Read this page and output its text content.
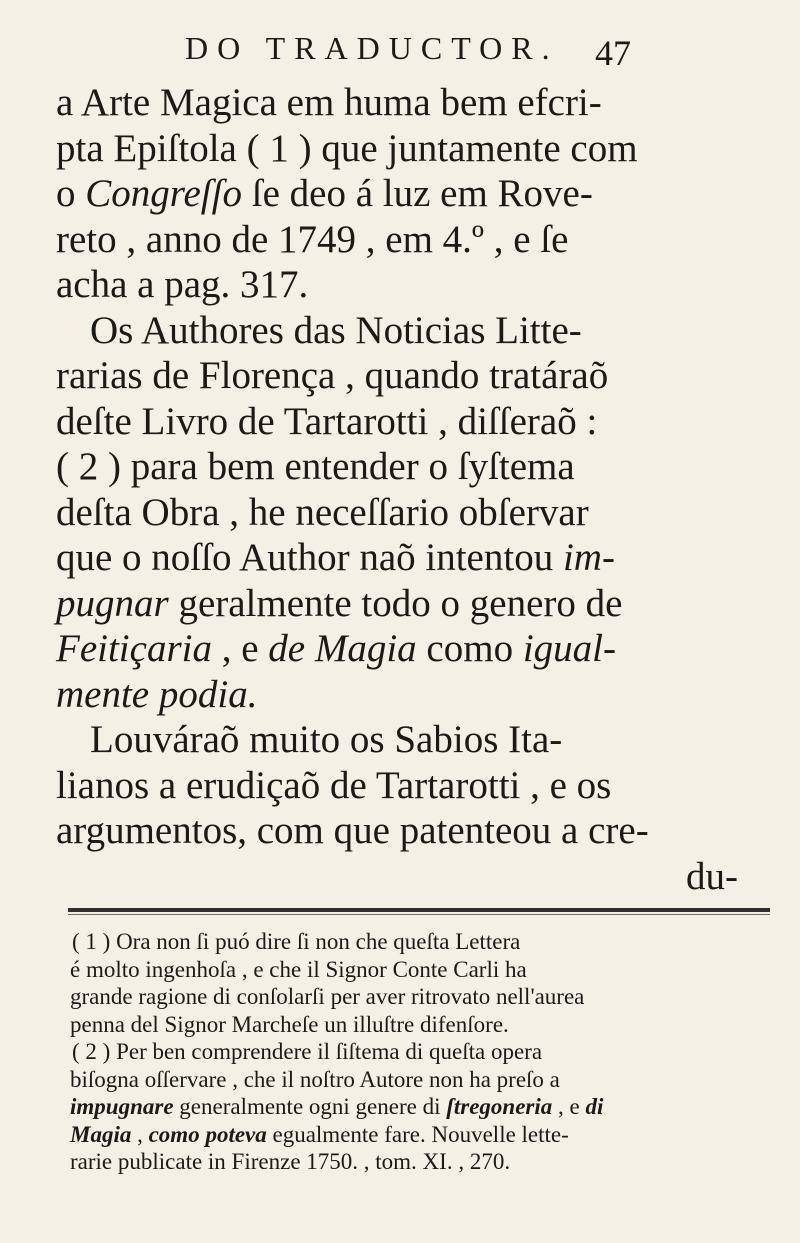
DO TRADUCTOR. 47
a Arte Magica em huma bem efcri-
pta Epiſtola ( 1 ) que juntamente com
o Congreſſo ſe deo á luz em Rove-
reto , anno de 1749 , em 4.º , e ſe
acha a pag. 317.
Os Authores das Noticias Litte-
rarias de Florença , quando tratáraõ
deſte Livro de Tartarotti , diſſeraõ :
( 2 ) para bem entender o ſyſtema
deſta Obra , he neceſſario obſervar
que o noſſo Author naõ intentou im-
pugnar geralmente todo o genero de
Feitiçaria , e de Magia como igual-
mente podia.
Louváraõ muito os Sabios Ita-
lianos a erudiçaõ de Tartarotti , e os
argumentos, com que patenteou a cre-
du-
( 1 ) Ora non ſi puó dire ſi non che queſta Lettera
é molto ingenhoſa , e che il Signor Conte Carli ha
grande ragione di conſolarſi per aver ritrovato nell'aurea
penna del Signor Marcheſe un illuſtre difenſore.
( 2 ) Per ben comprendere il ſiſtema di queſta opera
biſogna oſſervare , che il noſtro Autore non ha preſo a
impugnare generalmente ogni genere di ſtregoneria , e di
Magia , como poteva egualmente fare. Nouvelle lette-
rarie publicate in Firenze 1750. , tom. XI. , 270.
